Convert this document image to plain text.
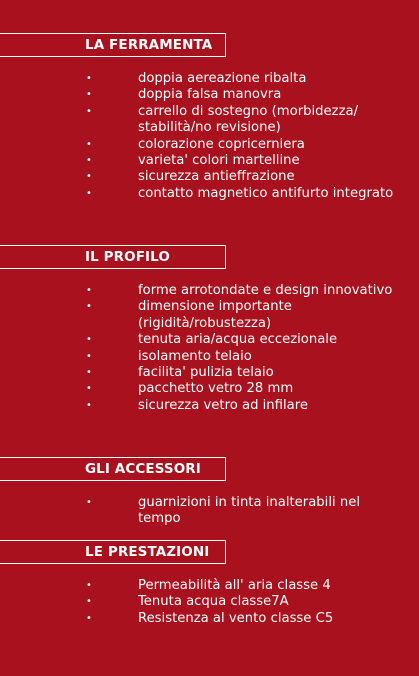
LA FERRAMENTA
•	doppia aereazione ribalta
•	doppia falsa manovra
•	carrello di sostegno (morbidezza/ stabilità/no revisione)
•	colorazione copricerniera
•	varieta' colori martelline
•	sicurezza antieffrazione
•	contatto magnetico antifurto integrato
IL PROFILO
•	forme arrotondate e design innovativo
•	dimensione importante (rigidità/robustezza)
•	tenuta aria/acqua eccezionale
•	isolamento telaio
•	facilita' pulizia telaio
•	pacchetto vetro 28 mm
•	sicurezza vetro ad infilare
GLI ACCESSORI
•	guarnizioni in tinta inalterabili nel tempo
LE PRESTAZIONI
•	Permeabilità all' aria classe 4
•	Tenuta acqua classe7A
•	Resistenza al vento classe C5
